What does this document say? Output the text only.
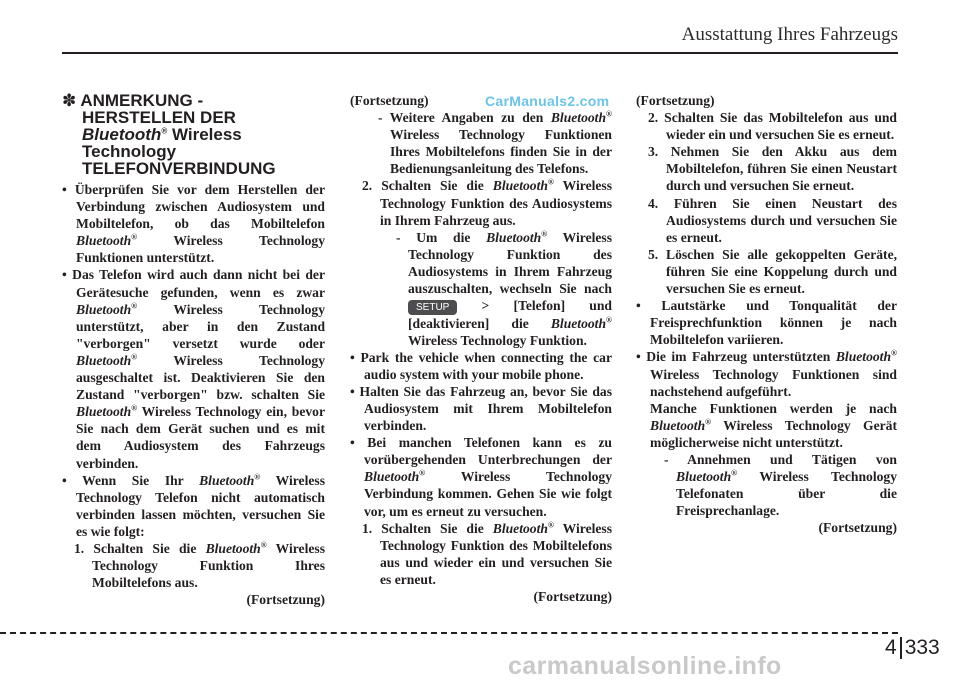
Ausstattung Ihres Fahrzeugs
✽ ANMERKUNG -
HERSTELLEN DER
Bluetooth® Wireless
Technology
TELEFONVERBINDUNG

• Überprüfen Sie vor dem Herstellen der Verbindung zwischen Audiosystem und Mobiltelefon, ob das Mobiltelefon Bluetooth® Wireless Technology Funktionen unterstützt.

• Das Telefon wird auch dann nicht bei der Gerätesuche gefunden, wenn es zwar Bluetooth® Wireless Technology unterstützt, aber in den Zustand "verborgen" versetzt wurde oder Bluetooth® Wireless Technology ausgeschaltet ist. Deaktivieren Sie den Zustand "verborgen" bzw. schalten Sie Bluetooth® Wireless Technology ein, bevor Sie nach dem Gerät suchen und es mit dem Audiosystem des Fahrzeugs verbinden.

• Wenn Sie Ihr Bluetooth® Wireless Technology Telefon nicht automatisch verbinden lassen möchten, versuchen Sie es wie folgt:

1. Schalten Sie die Bluetooth® Wireless Technology Funktion Ihres Mobiltelefons aus.

(Fortsetzung)

(Fortsetzung)

- Weitere Angaben zu den Bluetooth® Wireless Technology Funktionen Ihres Mobiltelefons finden Sie in der Bedienungsanleitung des Telefons.

2. Schalten Sie die Bluetooth® Wireless Technology Funktion des Audiosystems in Ihrem Fahrzeug aus.

- Um die Bluetooth® Wireless Technology Funktion des Audiosystems in Ihrem Fahrzeug auszuschalten, wechseln Sie nach SETUP > [Telefon] und [deaktivieren] die Bluetooth® Wireless Technology Funktion.

• Park the vehicle when connecting the car audio system with your mobile phone.

• Halten Sie das Fahrzeug an, bevor Sie das Audiosystem mit Ihrem Mobiltelefon verbinden.

• Bei manchen Telefonen kann es zu vorübergehenden Unterbrechungen der Bluetooth® Wireless Technology Verbindung kommen. Gehen Sie wie folgt vor, um es erneut zu versuchen.

1. Schalten Sie die Bluetooth® Wireless Technology Funktion des Mobiltelefons aus und wieder ein und versuchen Sie es erneut.

(Fortsetzung)

(Fortsetzung)

2. Schalten Sie das Mobiltelefon aus und wieder ein und versuchen Sie es erneut.

3. Nehmen Sie den Akku aus dem Mobiltelefon, führen Sie einen Neustart durch und versuchen Sie erneut.

4. Führen Sie einen Neustart des Audiosystems durch und versuchen Sie es erneut.

5. Löschen Sie alle gekoppelten Geräte, führen Sie eine Koppelung durch und versuchen Sie es erneut.

• Lautstärke und Tonqualität der Freisprechfunktion können je nach Mobiltelefon variieren.

• Die im Fahrzeug unterstützten Bluetooth® Wireless Technology Funktionen sind nachstehend aufgeführt.

Manche Funktionen werden je nach Bluetooth® Wireless Technology Gerät möglicherweise nicht unterstützt.

- Annehmen und Tätigen von Bluetooth® Wireless Technology Telefonaten über die Freisprechanlage.

(Fortsetzung)

CarManuals2.com
4 333
carmanualsonline.info
